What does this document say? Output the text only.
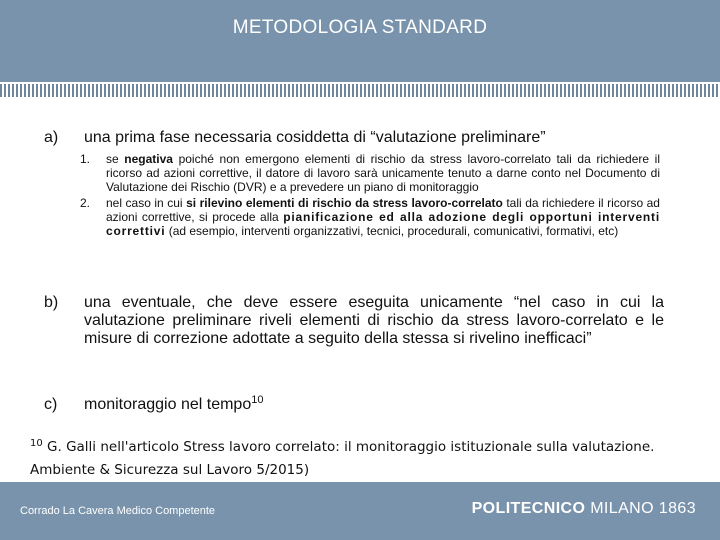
METODOLOGIA STANDARD
a) una prima fase necessaria cosiddetta di “valutazione preliminare”
1. se negativa poiché non emergono elementi di rischio da stress lavoro-correlato tali da richiedere il ricorso ad azioni correttive, il datore di lavoro sarà unicamente tenuto a darne conto nel Documento di Valutazione dei Rischio (DVR) e a prevedere un piano di monitoraggio
2. nel caso in cui si rilevino elementi di rischio da stress lavoro-correlato tali da richiedere il ricorso ad azioni correttive, si procede alla pianificazione ed alla adozione degli opportuni interventi correttivi (ad esempio, interventi organizzativi, tecnici, procedurali, comunicativi, formativi, etc)
b) una eventuale, che deve essere eseguita unicamente “nel caso in cui la valutazione preliminare riveli elementi di rischio da stress lavoro-correlato e le misure di correzione adottate a seguito della stessa si rivelino inefficaci”
c) monitoraggio nel tempo$^{10}$
$^{10}$ G. Galli nell'articolo Stress lavoro correlato: il monitoraggio istituzionale sulla valutazione. Ambiente & Sicurezza sul Lavoro 5/2015)
Corrado La Cavera Medico Competente	POLITECNICO MILANO 1863
